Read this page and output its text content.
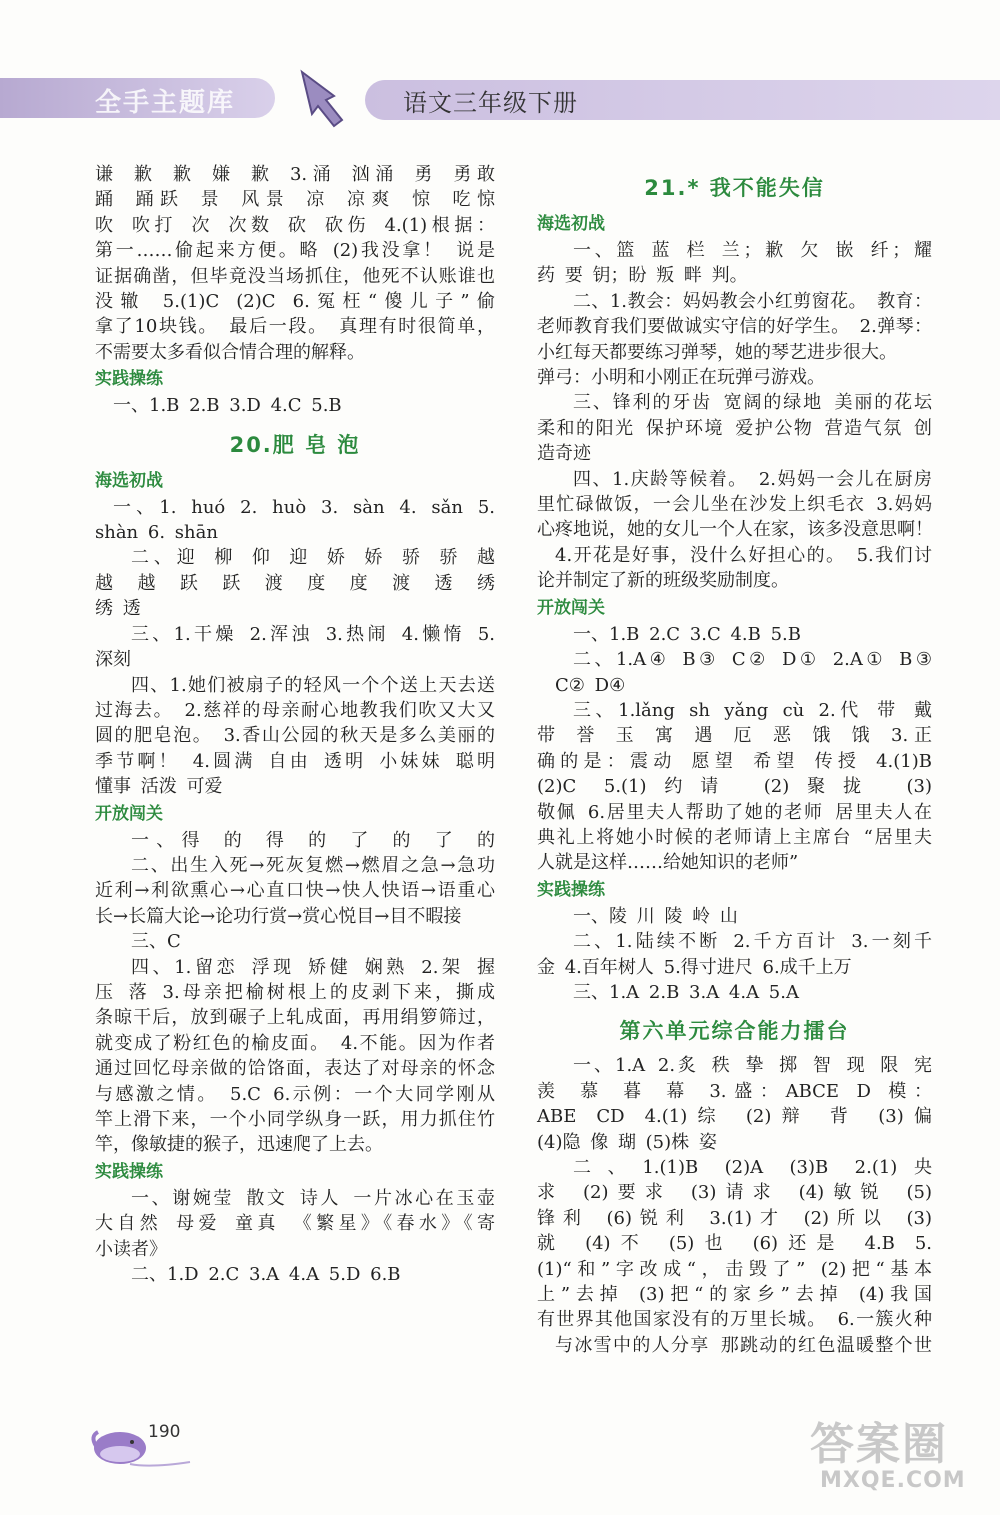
全手主题库	语文三年级下册

谦 歉 歉 嫌 歉 3.涌 汹涌 勇 勇敢

踊 踊跃 景 风景 凉 凉爽 惊 吃惊

吹 吹打 次 次数 砍 砍伤 4.(1)根据：

第一……偷起来方便。略 (2)我没拿！ 说是

证据确凿，但毕竟没当场抓住，他死不认账谁也

没辙 5.(1)C (2)C 6.冤枉“傻儿子”偷

拿了10块钱。 最后一段。 真理有时很简单，

不需要太多看似合情合理的解释。

实践操练

一、1.B 2.B 3.D 4.C 5.B

20.肥 皂 泡

海选初战

一、1. huó 2. huò 3. sàn 4. sǎn 5.

shàn 6. shān

二、迎 柳 仰 迎 娇 娇 骄 骄 越

越 越 跃 跃 渡 度 度 渡 透 绣

绣 透

三、1.干燥 2.浑浊 3.热闹 4.懒惰 5.

深刻

四、1.她们被扇子的轻风一个个送上天去送

过海去。 2.慈祥的母亲耐心地教我们吹又大又

圆的肥皂泡。 3.香山公园的秋天是多么美丽的

季节啊！ 4.圆满 自由 透明 小妹妹 聪明

懂事 活泼 可爱

开放闯关

一、得 的 得 的 了 的 了 的

二、出生入死→死灰复燃→燃眉之急→急功

近利→利欲熏心→心直口快→快人快语→语重心

长→长篇大论→论功行赏→赏心悦目→目不暇接

三、C

四、1.留恋 浮现 矫健 娴熟 2.架 握

压 落 3.母亲把榆树根上的皮剥下来，撕成

条晾干后，放到碾子上轧成面，再用绢箩筛过，

就变成了粉红色的榆皮面。 4.不能。因为作者

通过回忆母亲做的饸饹面，表达了对母亲的怀念

与感激之情。 5.C 6.示例：一个大同学刚从

竿上滑下来，一个小同学纵身一跃，用力抓住竹

竿，像敏捷的猴子，迅速爬了上去。

实践操练

一、谢婉莹 散文 诗人 一片冰心在玉壶

大自然 母爱 童真 《繁星》《春水》《寄

小读者》

二、1.D 2.C 3.A 4.A 5.D 6.B

21.* 我不能失信

海选初战

一、篮 蓝 栏 兰；歉 欠 嵌 纤；耀

药 要 钥；盼 叛 畔 判。

二、1.教会：妈妈教会小红剪窗花。 教育：

老师教育我们要做诚实守信的好学生。 2.弹琴：

小红每天都要练习弹琴，她的琴艺进步很大。

弹弓：小明和小刚正在玩弹弓游戏。

三、锋利的牙齿 宽阔的绿地 美丽的花坛

柔和的阳光 保护环境 爱护公物 营造气氛 创

造奇迹

四、1.庆龄等候着。 2.妈妈一会儿在厨房

里忙碌做饭，一会儿坐在沙发上织毛衣 3.妈妈

心疼地说，她的女儿一个人在家，该多没意思啊！

4.开花是好事，没什么好担心的。 5.我们讨

论并制定了新的班级奖励制度。

开放闯关

一、1.B 2.C 3.C 4.B 5.B

二、1.A④ B③ C② D① 2.A① B③

C② D④

三、1.lǎng sh yǎng cù 2.代 带 戴

带 誉 玉 寓 遇 厄 恶 饿 饿 3.正

确的是：震动 愿望 希望 传授 4.(1)B

(2)C 5.(1)约请 (2)聚拢 (3)

敬佩 6.居里夫人帮助了她的老师 居里夫人在

典礼上将她小时候的老师请上主席台 “居里夫

人就是这样……给她知识的老师”

实践操练

一、陵 川 陵 岭 山

二、1.陆续不断 2.千方百计 3.一刻千

金 4.百年树人 5.得寸进尺 6.成千上万

三、1.A 2.B 3.A 4.A 5.A

第六单元综合能力擂台

一、1.A 2.炙 秩 挚 掷 智 现 限 宪

羡 慕 暮 幕 3.盛：ABCE D 模：

ABE CD 4.(1)综 (2)辩 背 (3)偏

(4)隐 像 瑚 (5)株 姿

二、1.(1)B (2)A (3)B 2.(1)央

求 (2)要求 (3)请求 (4)敏锐 (5)

锋利 (6)锐利 3.(1)才 (2)所以 (3)

就 (4)不 (5)也 (6)还是 4.B 5.

(1)“和”字改成“，击毁了” (2)把“基本

上”去掉 (3)把“的家乡”去掉 (4)我国

有世界其他国家没有的万里长城。 6.一簇火种

与冰雪中的人分享 那跳动的红色温暖整个世

190	答案圈
MXQE.COM
